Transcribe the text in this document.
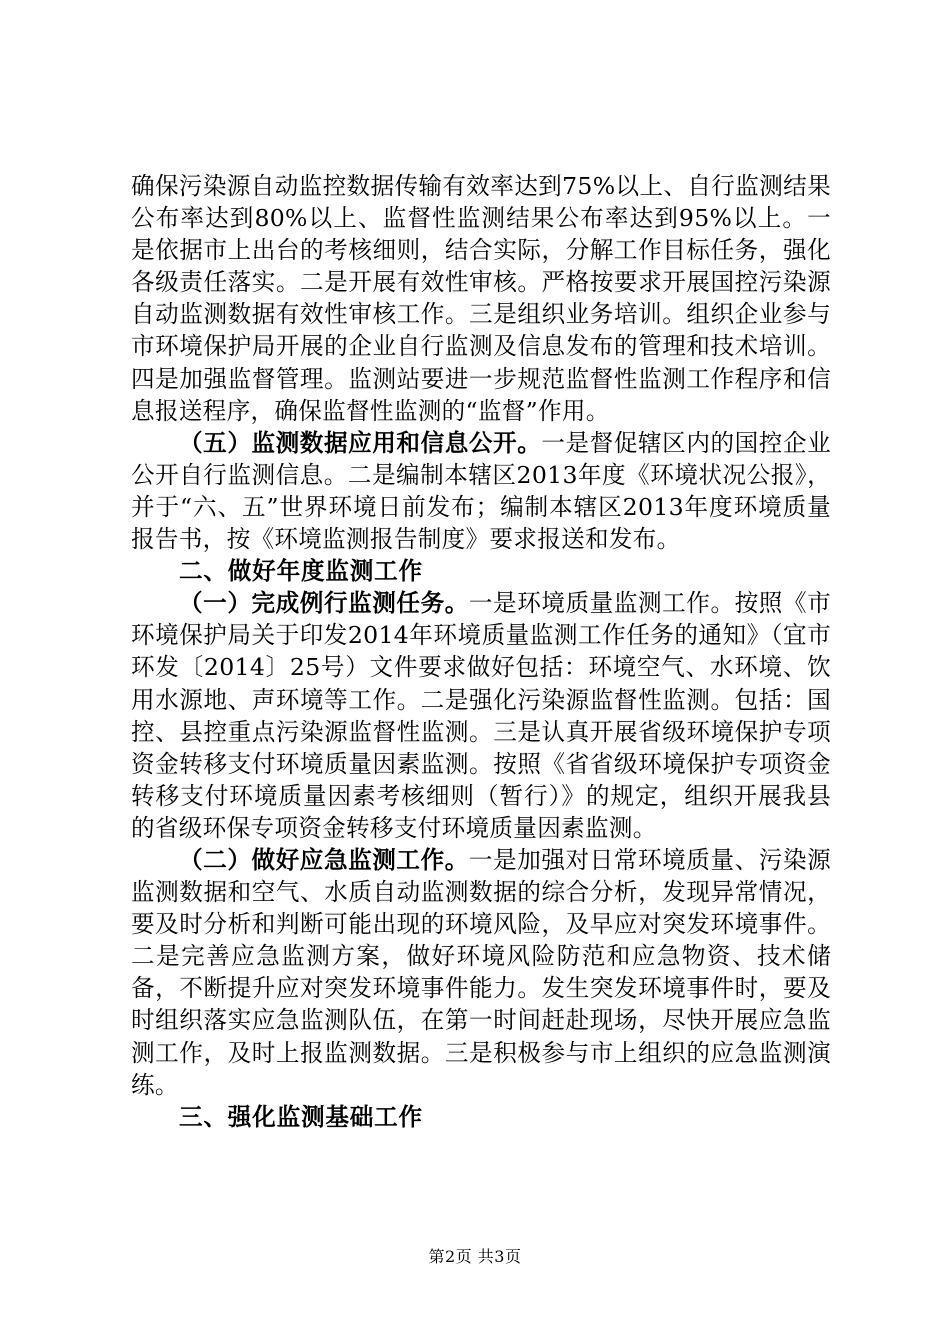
确保污染源自动监控数据传输有效率达到75%以上、自行监测结果公布率达到80%以上、监督性监测结果公布率达到95%以上。一是依据市上出台的考核细则，结合实际，分解工作目标任务，强化各级责任落实。二是开展有效性审核。严格按要求开展国控污染源自动监测数据有效性审核工作。三是组织业务培训。组织企业参与市环境保护局开展的企业自行监测及信息发布的管理和技术培训。四是加强监督管理。监测站要进一步规范监督性监测工作程序和信息报送程序，确保监督性监测的“监督”作用。

（五）监测数据应用和信息公开。一是督促辖区内的国控企业公开自行监测信息。二是编制本辖区2013年度《环境状况公报》，并于“六、五”世界环境日前发布；编制本辖区2013年度环境质量报告书，按《环境监测报告制度》要求报送和发布。

二、做好年度监测工作

（一）完成例行监测任务。一是环境质量监测工作。按照《市环境保护局关于印发2014年环境质量监测工作任务的通知》（宜市环发〔2014〕25号）文件要求做好包括：环境空气、水环境、饮用水源地、声环境等工作。二是强化污染源监督性监测。包括：国控、县控重点污染源监督性监测。三是认真开展省级环境保护专项资金转移支付环境质量因素监测。按照《省省级环境保护专项资金转移支付环境质量因素考核细则（暂行）》的规定，组织开展我县的省级环保专项资金转移支付环境质量因素监测。

（二）做好应急监测工作。一是加强对日常环境质量、污染源监测数据和空气、水质自动监测数据的综合分析，发现异常情况，要及时分析和判断可能出现的环境风险，及早应对突发环境事件。二是完善应急监测方案，做好环境风险防范和应急物资、技术储备，不断提升应对突发环境事件能力。发生突发环境事件时，要及时组织落实应急监测队伍，在第一时间赶赴现场，尽快开展应急监测工作，及时上报监测数据。三是积极参与市上组织的应急监测演练。

三、强化监测基础工作

第2页 共3页
